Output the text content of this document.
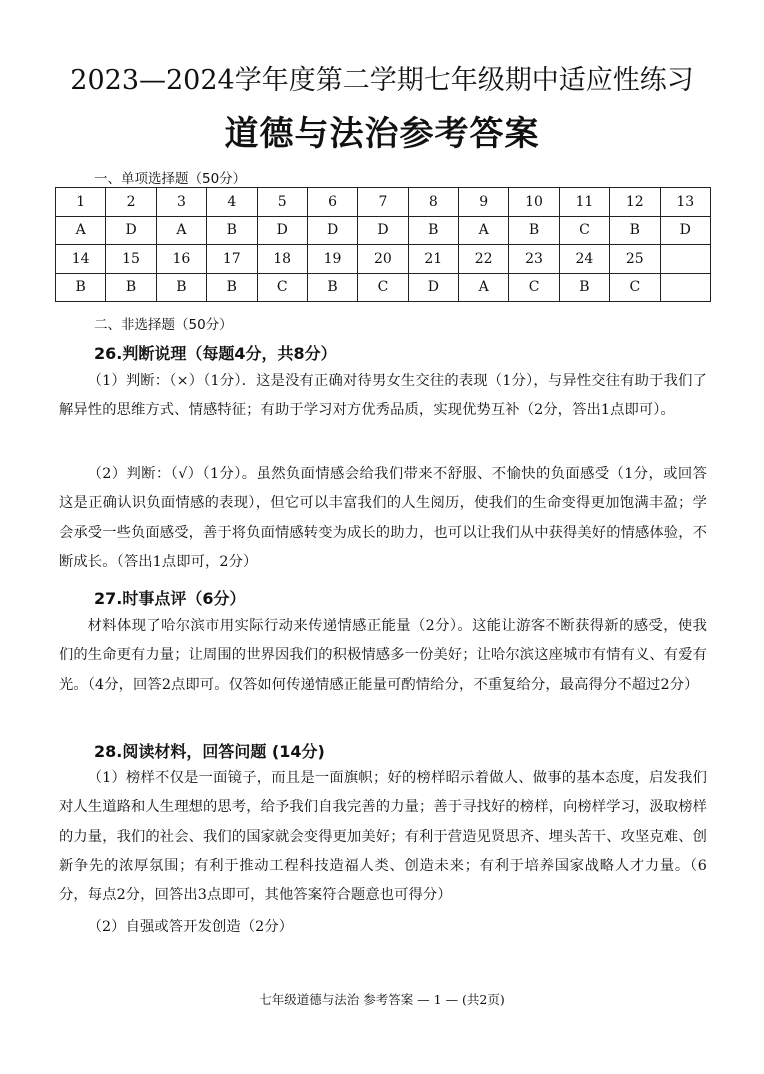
2023—2024学年度第二学期七年级期中适应性练习
道德与法治参考答案
一、单项选择题（50分）
1	2	3	4	5	6	7	8	9	10	11	12	13
A	D	A	B	D	D	D	B	A	B	C	B	D
14	15	16	17	18	19	20	21	22	23	24	25	
B	B	B	B	C	B	C	D	A	C	B	C	
二、非选择题（50分）
26.判断说理（每题4分，共8分）
（1）判断：（×）（1分）．这是没有正确对待男女生交往的表现（1分），与异性交往有助于我们了解异性的思维方式、情感特征；有助于学习对方优秀品质，实现优势互补（2分，答出1点即可）。
（2）判断：（√）（1分）。虽然负面情感会给我们带来不舒服、不愉快的负面感受（1分，或回答这是正确认识负面情感的表现），但它可以丰富我们的人生阅历，使我们的生命变得更加饱满丰盈；学会承受一些负面感受，善于将负面情感转变为成长的助力，也可以让我们从中获得美好的情感体验，不断成长。（答出1点即可，2分）
27.时事点评（6分）
材料体现了哈尔滨市用实际行动来传递情感正能量（2分）。这能让游客不断获得新的感受，使我们的生命更有力量；让周围的世界因我们的积极情感多一份美好；让哈尔滨这座城市有情有义、有爱有光。（4分，回答2点即可。仅答如何传递情感正能量可酌情给分，不重复给分，最高得分不超过2分）
28.阅读材料，回答问题 (14分)
（1）榜样不仅是一面镜子，而且是一面旗帜；好的榜样昭示着做人、做事的基本态度，启发我们对人生道路和人生理想的思考，给予我们自我完善的力量；善于寻找好的榜样，向榜样学习，汲取榜样的力量，我们的社会、我们的国家就会变得更加美好；有利于营造见贤思齐、埋头苦干、攻坚克难、创新争先的浓厚氛围；有利于推动工程科技造福人类、创造未来；有利于培养国家战略人才力量。（6分，每点2分，回答出3点即可，其他答案符合题意也可得分）
（2）自强或答开发创造（2分）
七年级道德与法治 参考答案 — 1 — (共2页)
